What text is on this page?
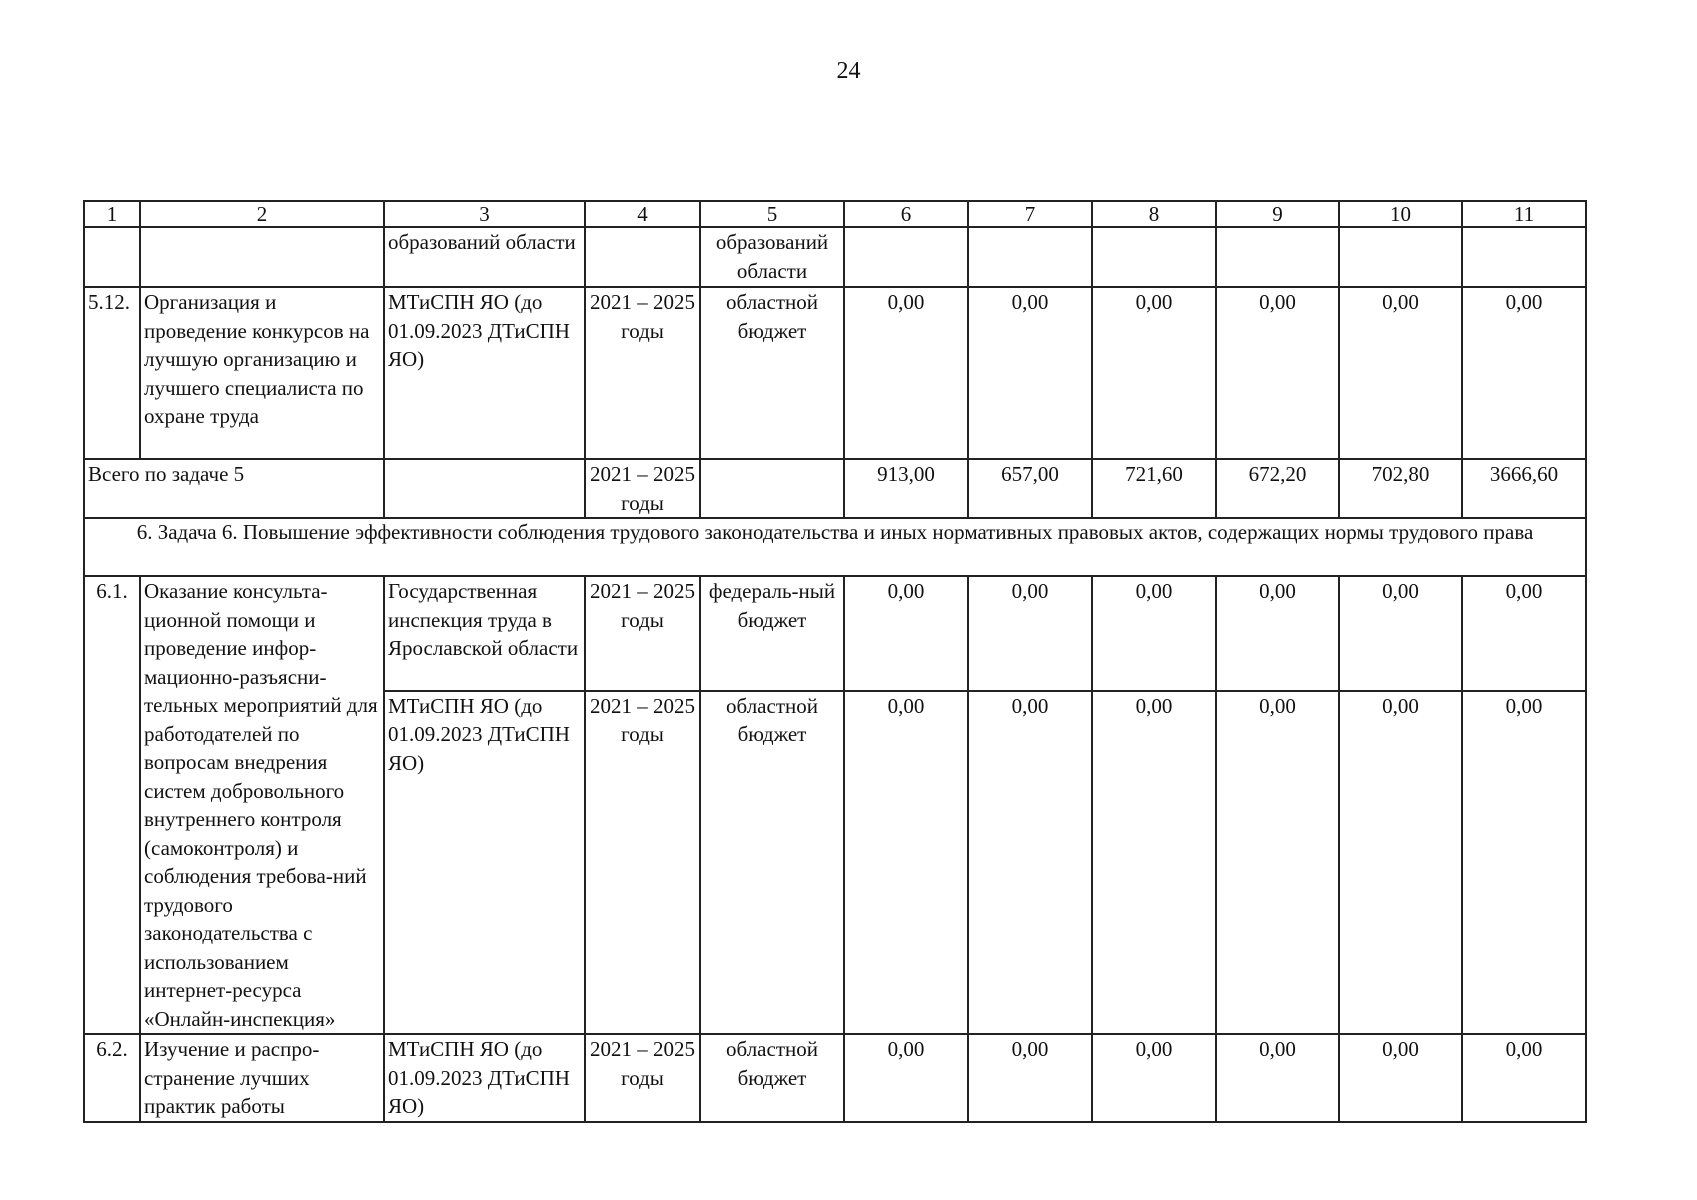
24
1	2	3	4	5	6	7	8	9	10	11
		образований области		образований области						
5.12.	Организация и проведение конкурсов на лучшую организацию и лучшего специалиста по охране труда	МТиСПН ЯО (до 01.09.2023 ДТиСПН ЯО)	2021 – 2025 годы	областной бюджет	0,00	0,00	0,00	0,00	0,00	0,00
Всего по задаче 5			2021 – 2025 годы		913,00	657,00	721,60	672,20	702,80	3666,60
6. Задача 6. Повышение эффективности соблюдения трудового законодательства и иных нормативных правовых актов, содержащих нормы трудового права										
6.1.	Оказание консульта-ционной помощи и проведение инфор-мационно-разъясни-тельных мероприятий для работодателей по вопросам внедрения систем добровольного внутреннего контроля (самоконтроля) и соблюдения требова-ний трудового законодательства с использованием интернет-ресурса «Онлайн-инспекция»	Государственная инспекция труда в Ярославской области	2021 – 2025 годы	федераль-ный бюджет	0,00	0,00	0,00	0,00	0,00	0,00
		МТиСПН ЯО (до 01.09.2023 ДТиСПН ЯО)	2021 – 2025 годы	областной бюджет	0,00	0,00	0,00	0,00	0,00	0,00
6.2.	Изучение и распро-странение лучших практик работы	МТиСПН ЯО (до 01.09.2023 ДТиСПН ЯО)	2021 – 2025 годы	областной бюджет	0,00	0,00	0,00	0,00	0,00	0,00
